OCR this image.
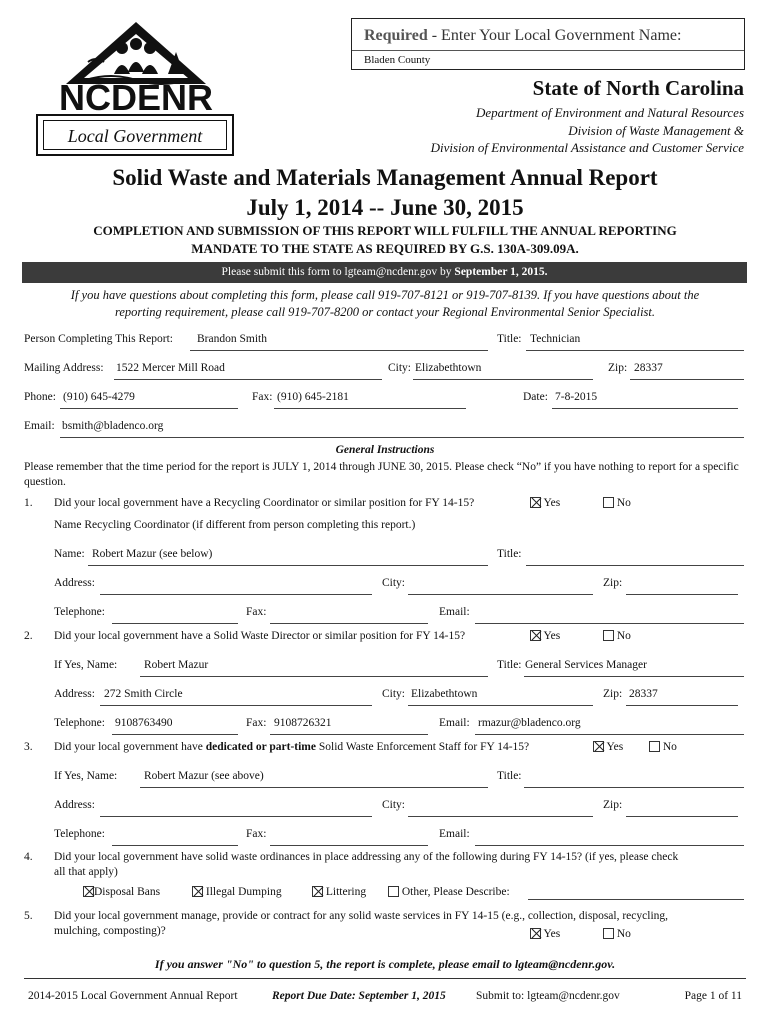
NCDENR
Local Government
Required - Enter Your Local Government Name:
Bladen County
State of North Carolina
Department of Environment and Natural Resources
Division of Waste Management &
Division of Environmental Assistance and Customer Service
Solid Waste and Materials Management Annual Report
July 1, 2014 -- June 30, 2015
COMPLETION AND SUBMISSION OF THIS REPORT WILL FULFILL THE ANNUAL REPORTING
MANDATE TO THE STATE AS REQUIRED BY G.S. 130A-309.09A.
Please submit this form to lgteam@ncdenr.gov by September 1, 2015.
If you have questions about completing this form, please call 919-707-8121 or 919-707-8139. If you have questions about the
reporting requirement, please call 919-707-8200 or contact your Regional Environmental Senior Specialist.
Person Completing This Report: Brandon Smith	Title: Technician
Mailing Address: 1522 Mercer Mill Road	City: Elizabethtown	Zip: 28337
Phone: (910) 645-4279	Fax: (910) 645-2181	Date: 7-8-2015
Email: bsmith@bladenco.org
General Instructions
Please remember that the time period for the report is JULY 1, 2014 through JUNE 30, 2015. Please check “No” if you have nothing to report for a specific question.
1. Did your local government have a Recycling Coordinator or similar position for FY 14-15?	Yes	No
Name Recycling Coordinator (if different from person completing this report.)
Name: Robert Mazur (see below)	Title:
Address:	City:	Zip:
Telephone:	Fax:	Email:
2. Did your local government have a Solid Waste Director or similar position for FY 14-15?	Yes	No
If Yes, Name: Robert Mazur	Title: General Services Manager
Address: 272 Smith Circle	City: Elizabethtown	Zip: 28337
Telephone: 9108763490	Fax: 9108726321	Email: rmazur@bladenco.org
3. Did your local government have dedicated or part-time Solid Waste Enforcement Staff for FY 14-15?	Yes	No
If Yes, Name: Robert Mazur (see above)	Title:
Address:	City:	Zip:
Telephone:	Fax:	Email:
4. Did your local government have solid waste ordinances in place addressing any of the following during FY 14-15? (if yes, please check
all that apply)
Disposal Bans	Illegal Dumping	Littering	Other, Please Describe:
5. Did your local government manage, provide or contract for any solid waste services in FY 14-15 (e.g., collection, disposal, recycling,
mulching, composting)?	Yes	No
If you answer "No" to question 5, the report is complete, please email to lgteam@ncdenr.gov.
2014-2015 Local Government Annual Report	Report Due Date: September 1, 2015	Submit to: lgteam@ncdenr.gov	Page 1 of 11
